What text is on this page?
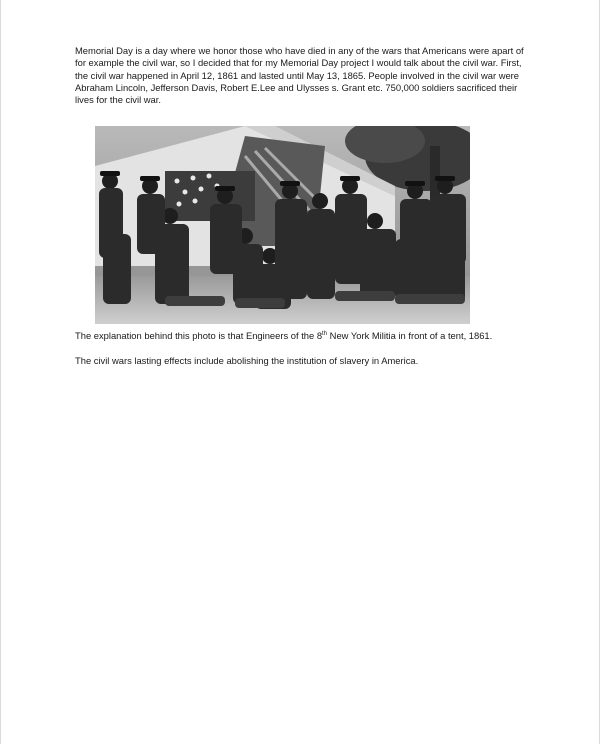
Memorial Day is a day where we honor those who have died in any of the wars that Americans were apart of for example the civil war, so I decided that for my Memorial Day project I would talk about the civil war. First, the civil war happened in April 12, 1861 and lasted until May 13, 1865. People involved in the civil war were Abraham Lincoln, Jefferson Davis, Robert E.Lee and Ulysses s. Grant etc. 750,000 soldiers sacrificed their lives for the civil war.

The explanation behind this photo is that Engineers of the 8th New York Militia in front of a tent, 1861.

The civil wars lasting effects include abolishing the institution of slavery in America.
